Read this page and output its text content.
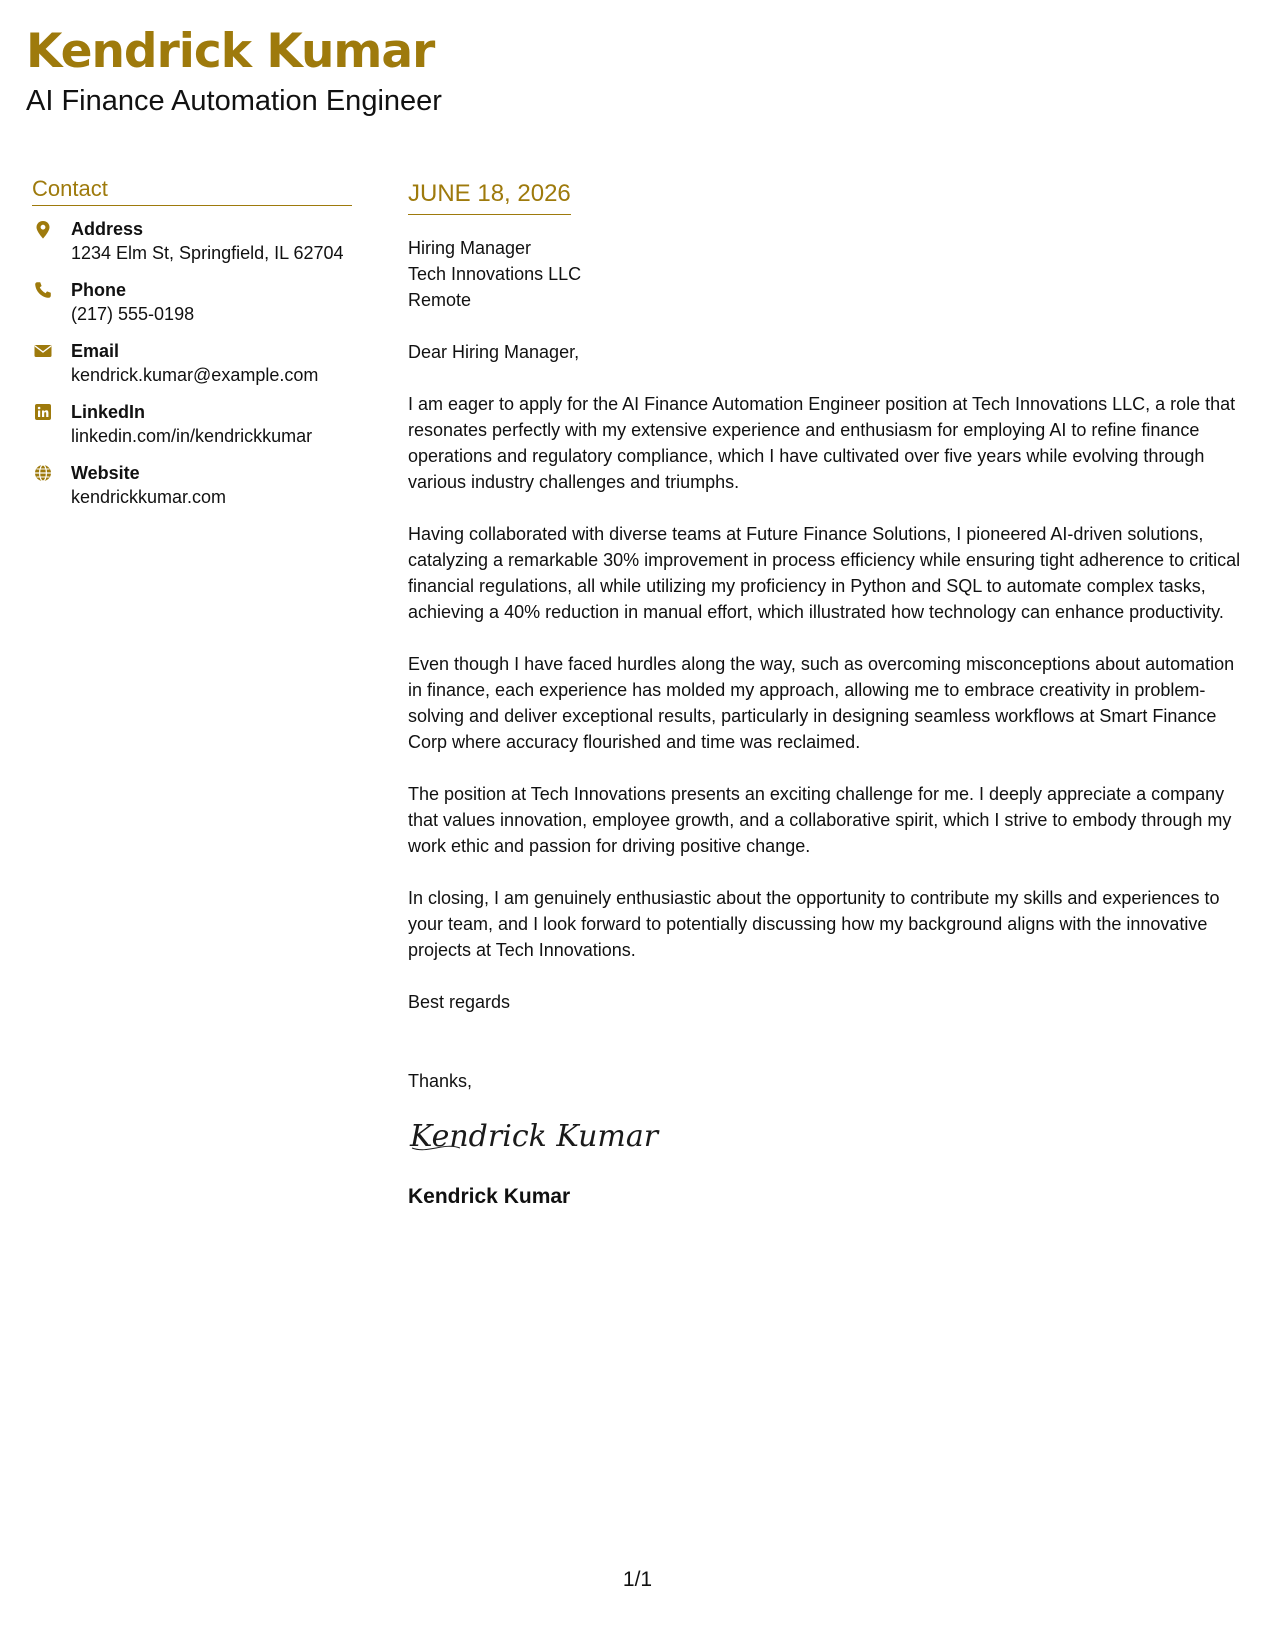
Kendrick Kumar
AI Finance Automation Engineer
Contact
Address
1234 Elm St, Springfield, IL 62704
Phone
(217) 555-0198
Email
kendrick.kumar@example.com
LinkedIn
linkedin.com/in/kendrickkumar
Website
kendrickkumar.com
JUNE 18, 2026

Hiring Manager

Tech Innovations LLC

Remote

Dear Hiring Manager,

I am eager to apply for the AI Finance Automation Engineer position at Tech Innovations LLC, a role that resonates perfectly with my extensive experience and enthusiasm for employing AI to refine finance operations and regulatory compliance, which I have cultivated over five years while evolving through various industry challenges and triumphs.

Having collaborated with diverse teams at Future Finance Solutions, I pioneered AI-driven solutions, catalyzing a remarkable 30% improvement in process efficiency while ensuring tight adherence to critical financial regulations, all while utilizing my proficiency in Python and SQL to automate complex tasks, achieving a 40% reduction in manual effort, which illustrated how technology can enhance productivity.

Even though I have faced hurdles along the way, such as overcoming misconceptions about automation in finance, each experience has molded my approach, allowing me to embrace creativity in problem-solving and deliver exceptional results, particularly in designing seamless workflows at Smart Finance Corp where accuracy flourished and time was reclaimed.

The position at Tech Innovations presents an exciting challenge for me. I deeply appreciate a company that values innovation, employee growth, and a collaborative spirit, which I strive to embody through my work ethic and passion for driving positive change.

In closing, I am genuinely enthusiastic about the opportunity to contribute my skills and experiences to your team, and I look forward to potentially discussing how my background aligns with the innovative projects at Tech Innovations.

Best regards

Thanks,

Kendrick Kumar
Kendrick Kumar
1/1
